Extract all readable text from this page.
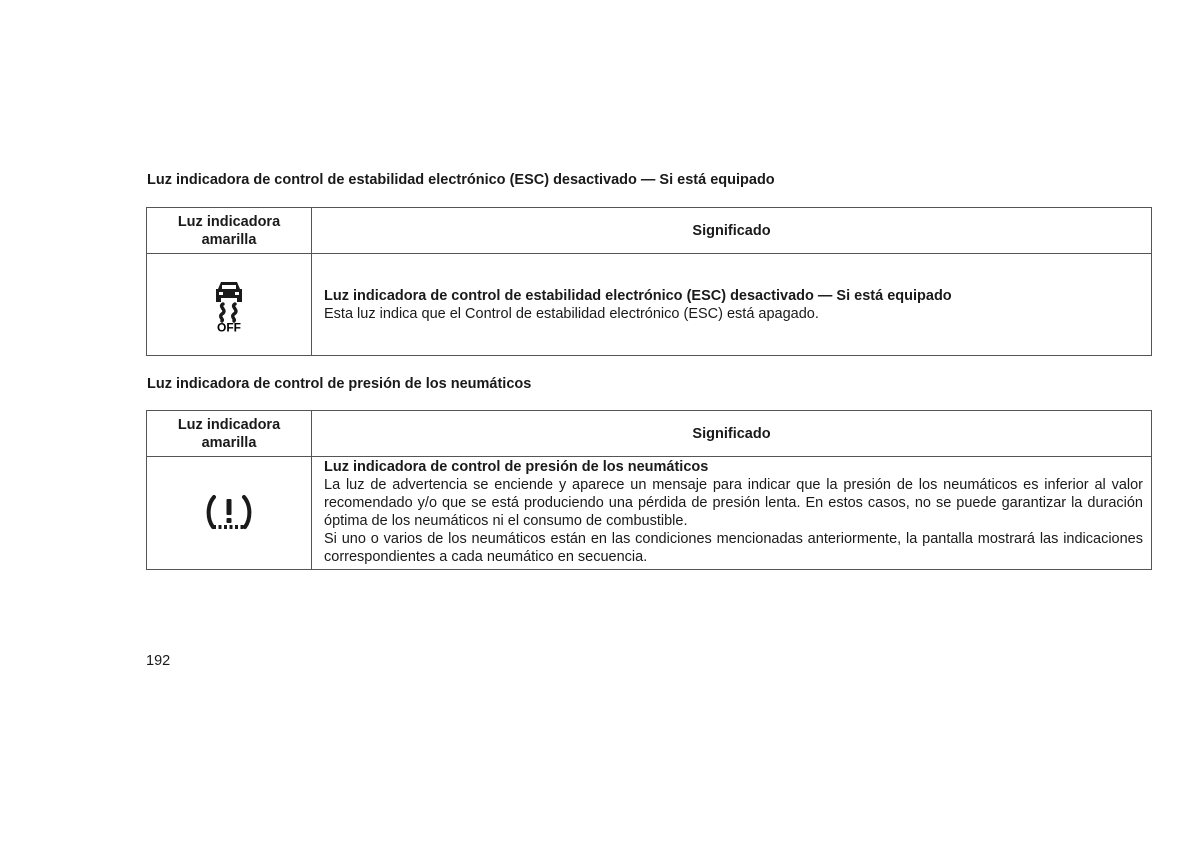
Luz indicadora de control de estabilidad electrónico (ESC) desactivado — Si está equipado
Luz indicadora amarilla	Significado

OFF	Luz indicadora de control de estabilidad electrónico (ESC) desactivado — Si está equipado
Esta luz indica que el Control de estabilidad electrónico (ESC) está apagado.
Luz indicadora de control de presión de los neumáticos
Luz indicadora amarilla	Significado

Luz indicadora de control de presión de los neumáticos
La luz de advertencia se enciende y aparece un mensaje para indicar que la presión de los neumáticos es inferior al valor recomendado y/o que se está produciendo una pérdida de presión lenta. En estos casos, no se puede garantizar la duración óptima de los neumáticos ni el consumo de combustible.
Si uno o varios de los neumáticos están en las condiciones mencionadas anteriormente, la pantalla mostrará las indicaciones correspondientes a cada neumático en secuencia.
192
